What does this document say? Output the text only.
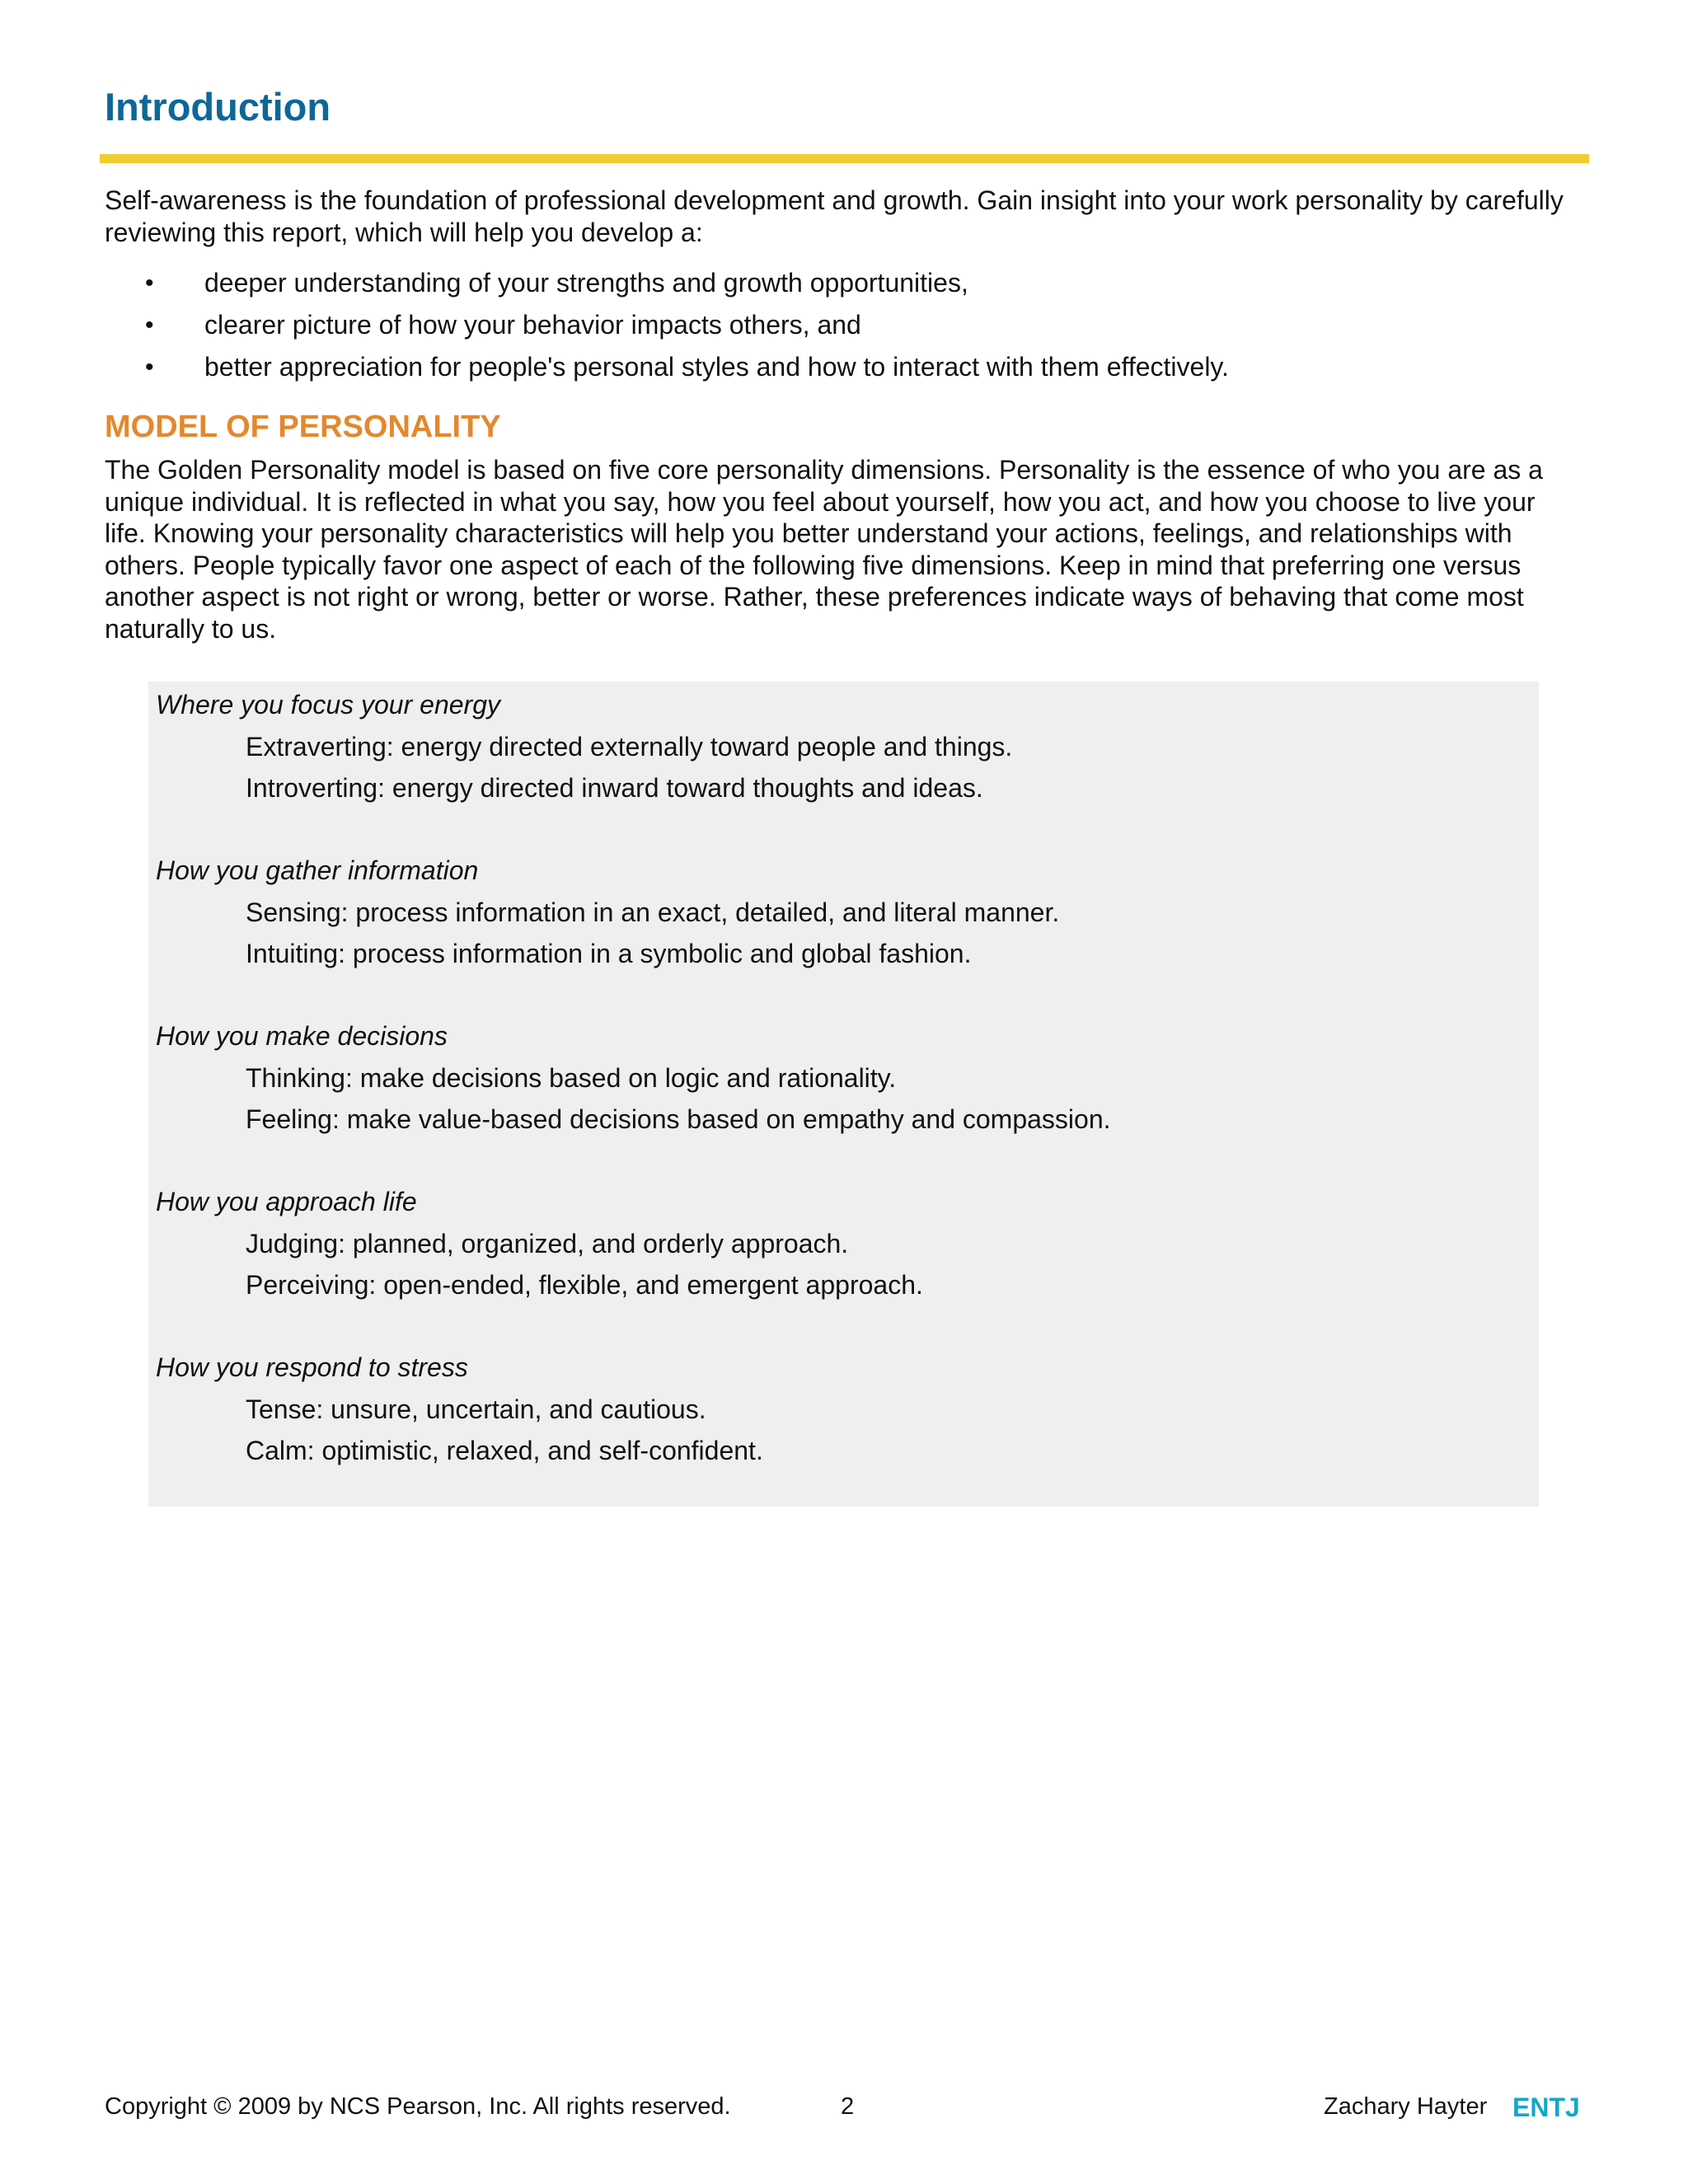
Introduction

Self-awareness is the foundation of professional development and growth. Gain insight into your work personality by carefully reviewing this report, which will help you develop a:

• deeper understanding of your strengths and growth opportunities,
• clearer picture of how your behavior impacts others, and
• better appreciation for people's personal styles and how to interact with them effectively.
MODEL OF PERSONALITY

The Golden Personality model is based on five core personality dimensions. Personality is the essence of who you are as a unique individual. It is reflected in what you say, how you feel about yourself, how you act, and how you choose to live your life. Knowing your personality characteristics will help you better understand your actions, feelings, and relationships with others. People typically favor one aspect of each of the following five dimensions. Keep in mind that preferring one versus another aspect is not right or wrong, better or worse. Rather, these preferences indicate ways of behaving that come most naturally to us.

Where you focus your energy
Extraverting: energy directed externally toward people and things.
Introverting: energy directed inward toward thoughts and ideas.
How you gather information
Sensing: process information in an exact, detailed, and literal manner.
Intuiting: process information in a symbolic and global fashion.
How you make decisions
Thinking: make decisions based on logic and rationality.
Feeling: make value-based decisions based on empathy and compassion.
How you approach life
Judging: planned, organized, and orderly approach.
Perceiving: open-ended, flexible, and emergent approach.
How you respond to stress
Tense: unsure, uncertain, and cautious.
Calm: optimistic, relaxed, and self-confident.
Copyright © 2009 by NCS Pearson, Inc. All rights reserved.	2	Zachary Hayter ENTJ
